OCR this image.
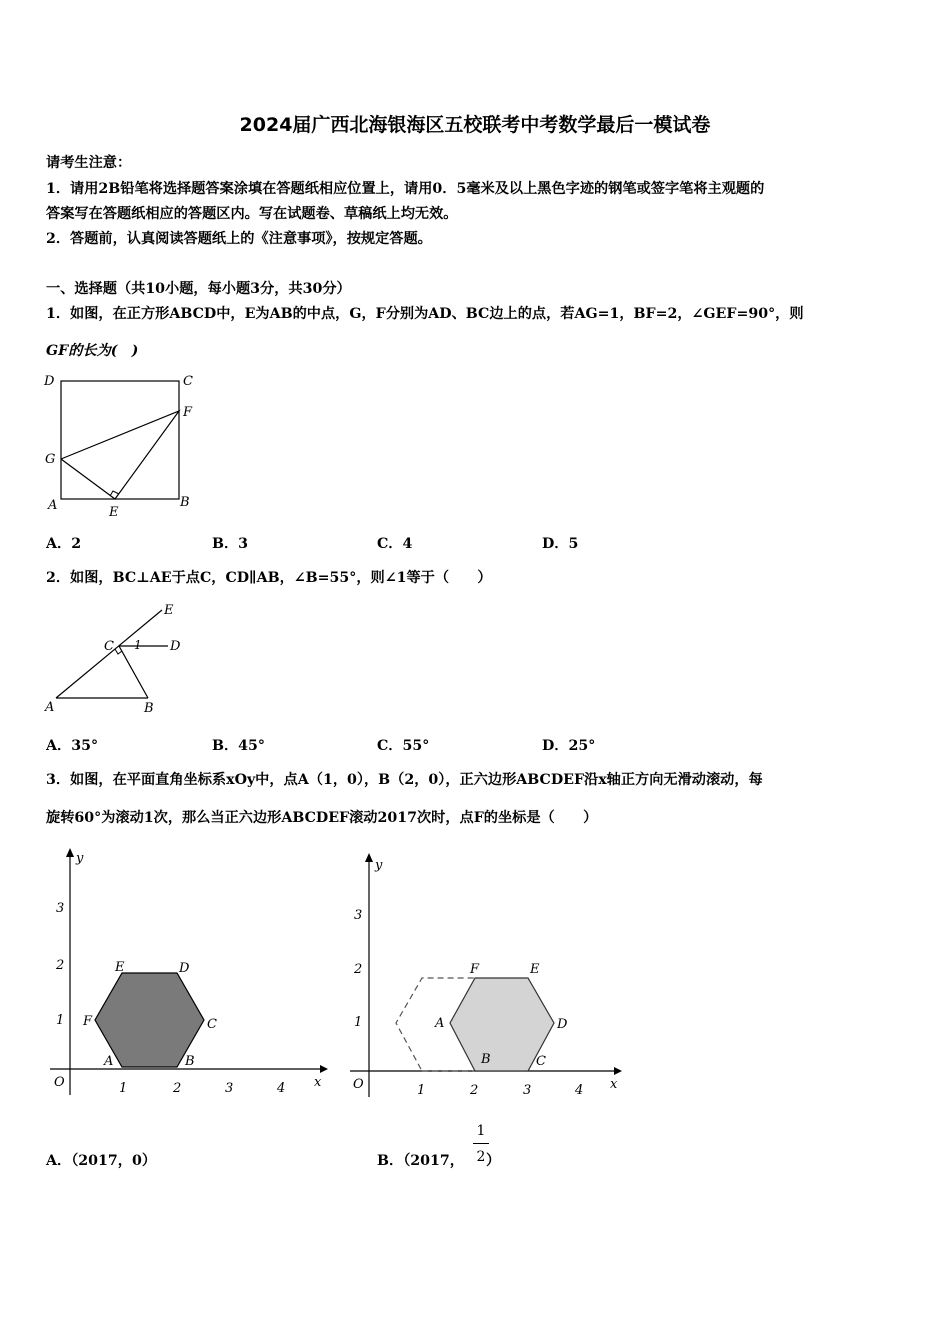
2024届广西北海银海区五校联考中考数学最后一模试卷
请考生注意：
1．请用2B铅笔将选择题答案涂填在答题纸相应位置上，请用0．5毫米及以上黑色字迹的钢笔或签字笔将主观题的
答案写在答题纸相应的答题区内。写在试题卷、草稿纸上均无效。
2．答题前，认真阅读答题纸上的《注意事项》，按规定答题。
一、选择题（共10小题，每小题3分，共30分）
1．如图，在正方形ABCD中，E为AB的中点，G，F分别为AD、BC边上的点，若AG=1，BF=2，∠GEF=90°，则
GF的长为(　)
D	C
F
G
A	E
B
A．2	B．3	C．4	D．5
2．如图，BC⊥AE于点C，CD∥AB，∠B=55°，则∠1等于（　　）
E
C 1 D
A	B
A．35°	B．45°	C．55°	D．25°
3．如图，在平面直角坐标系xOy中，点A（1，0），B（2，0），正六边形ABCDEF沿x轴正方向无滑动滚动，每
旋转60°为滚动1次，那么当正六边形ABCDEF滚动2017次时，点F的坐标是（　　）
y
x
O	1	2	3	4
1
2
3
A	B
C
D
E
F
y
x
O	1	2	3	4
1
2
3
A
B	C
D
E
F
A．（2017，0）	B．（2017， ）
1
2
